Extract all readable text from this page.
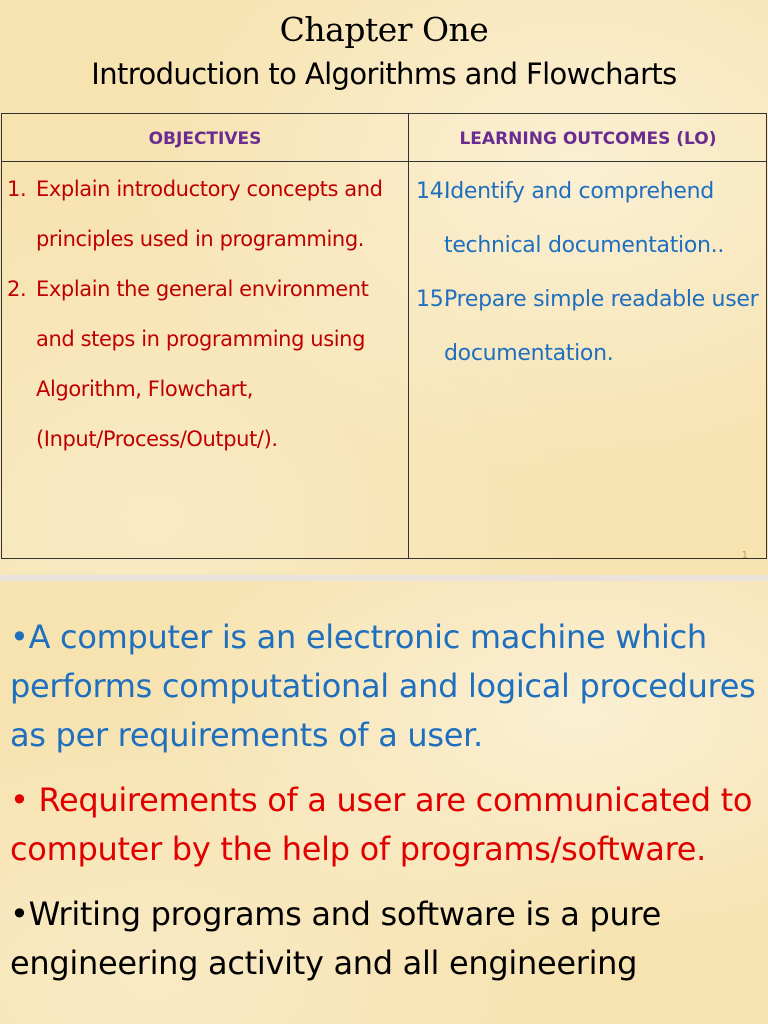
Chapter One
Introduction to Algorithms and Flowcharts
OBJECTIVES	LEARNING OUTCOMES (LO)
1. Explain introductory concepts and principles used in programming.
2. Explain the general environment and steps in programming using Algorithm, Flowchart, (Input/Process/Output/).
14.
Identify and comprehend technical documentation..
15.
Prepare simple readable user documentation.
1
•A computer is an electronic machine which performs computational and logical procedures as per requirements of a user.
• Requirements of a user are communicated to computer by the help of programs/software.
•Writing programs and software is a pure engineering activity and all engineering
